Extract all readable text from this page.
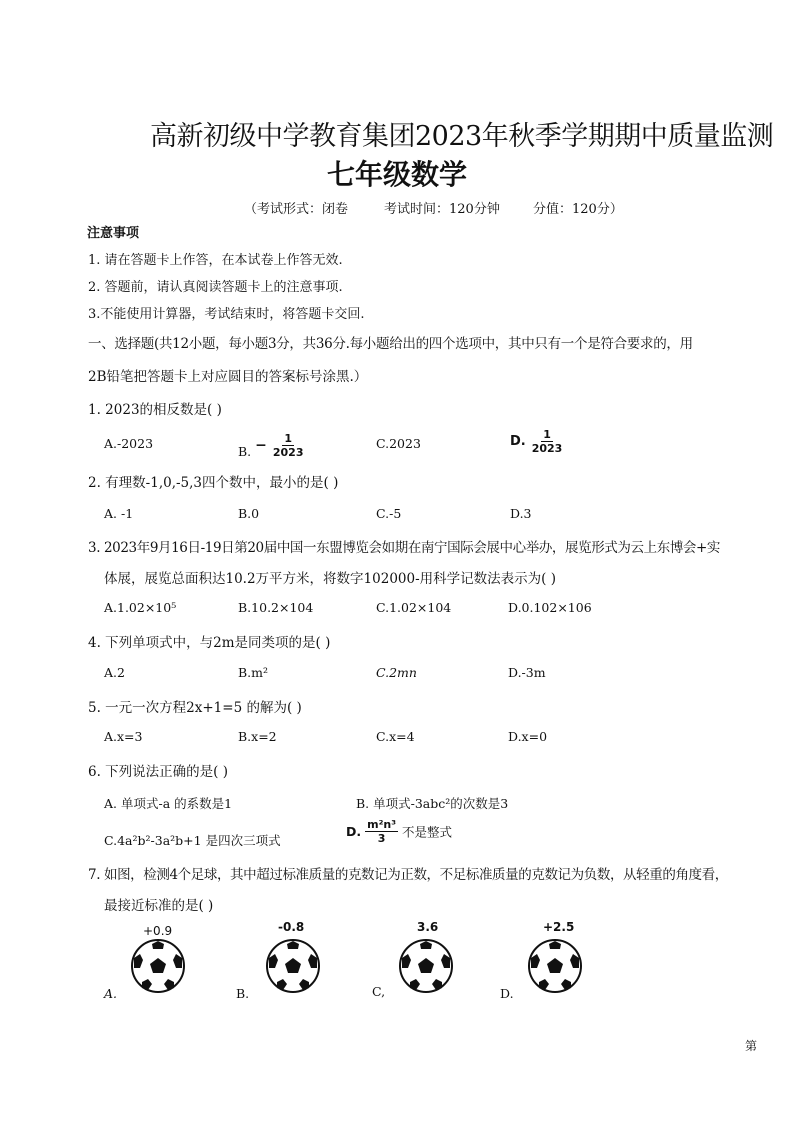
高新初级中学教育集团2023年秋季学期期中质量监测
七年级数学
（考试形式：闭卷	考试时间：120分钟	分值：120分）
注意事项
1. 请在答题卡上作答，在本试卷上作答无效.
2. 答题前，请认真阅读答题卡上的注意事项.
3.不能使用计算器，考试结束时，将答题卡交回.
一、选择题(共12小题，每小题3分，共36分.每小题给出的四个选项中，其中只有一个是符合要求的，用
2B铅笔把答题卡上对应圆目的答案标号涂黑.）
1. 2023的相反数是( )
A.-2023
B. − $\frac{1}{2023}$	C.2023	D. $\frac{1}{2023}$
2. 有理数-1,0,-5,3四个数中，最小的是( )
A. -1	B.0	C.-5	D.3
3. 2023年9月16日-19日第20届中国一东盟博览会如期在南宁国际会展中心举办，展览形式为云上东博会+实
体展，展览总面积达10.2万平方米，将数字102000-用科学记数法表示为( )
A.1.02×10⁵	B.10.2×104	C.1.02×104	D.0.102×106
4. 下列单项式中，与2m是同类项的是( )
A.2	B.m²	C.2mn	D.-3m
5. 一元一次方程2x+1=5 的解为( )
A.x=3	B.x=2	C.x=4	D.x=0
6. 下列说法正确的是( )
A. 单项式-a 的系数是1	B. 单项式-3abc²的次数是3
C.4a²b²-3a²b+1 是四次三项式
D. $\frac{\text{m²n³}}{3}$ 不是整式
7. 如图，检测4个足球，其中超过标准质量的克数记为正数，不足标准质量的克数记为负数，从轻重的角度看，
最接近标准的是( )
+0.9	-0.8	3.6	+2.5
A.	B.	C,	D.
第
